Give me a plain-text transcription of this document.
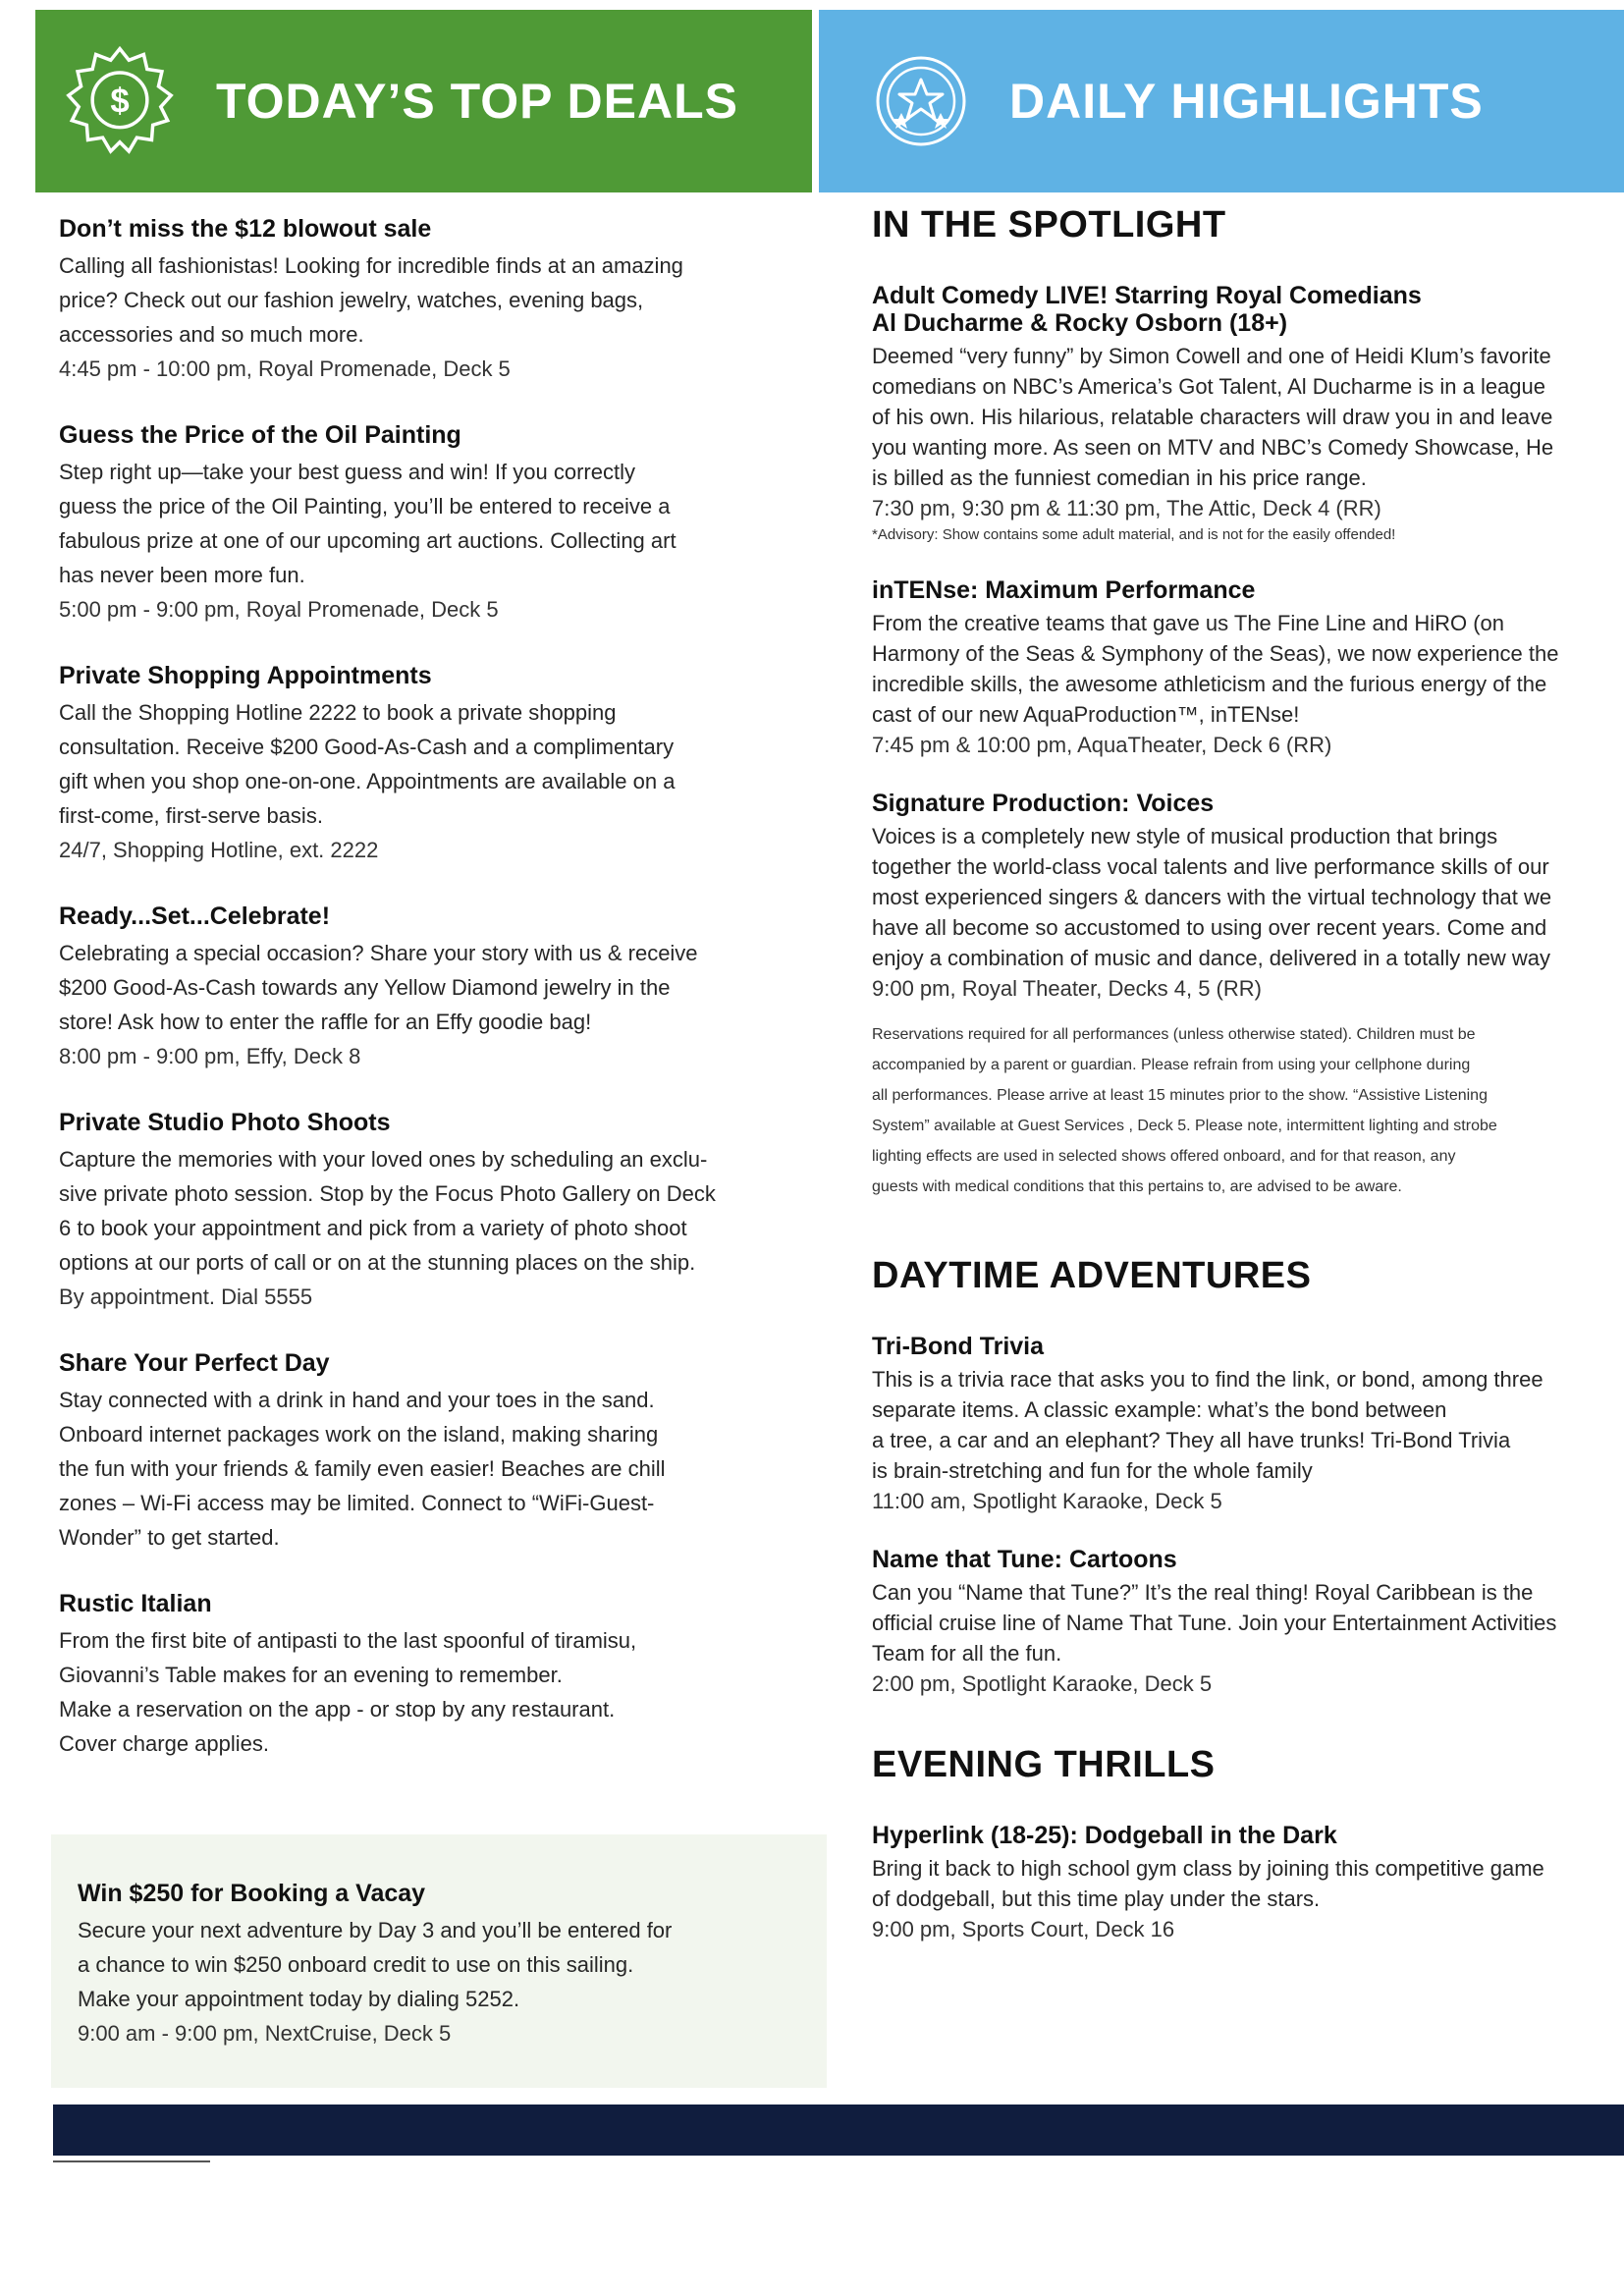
$ TODAY’S TOP DEALS	DAILY HIGHLIGHTS
Don’t miss the $12 blowout sale
Calling all fashionistas! Looking for incredible finds at an amazing
price? Check out our fashion jewelry, watches, evening bags,
accessories and so much more.
4:45 pm - 10:00 pm, Royal Promenade, Deck 5
Guess the Price of the Oil Painting
Step right up—take your best guess and win! If you correctly
guess the price of the Oil Painting, you’ll be entered to receive a
fabulous prize at one of our upcoming art auctions. Collecting art
has never been more fun.
5:00 pm - 9:00 pm, Royal Promenade, Deck 5
Private Shopping Appointments
Call the Shopping Hotline 2222 to book a private shopping
consultation. Receive $200 Good-As-Cash and a complimentary
gift when you shop one-on-one. Appointments are available on a
first-come, first-serve basis.
24/7, Shopping Hotline, ext. 2222
Ready...Set...Celebrate!
Celebrating a special occasion? Share your story with us & receive
$200 Good-As-Cash towards any Yellow Diamond jewelry in the
store! Ask how to enter the raffle for an Effy goodie bag!
8:00 pm - 9:00 pm, Effy, Deck 8
Private Studio Photo Shoots
Capture the memories with your loved ones by scheduling an exclu-
sive private photo session. Stop by the Focus Photo Gallery on Deck
6 to book your appointment and pick from a variety of photo shoot
options at our ports of call or on at the stunning places on the ship.
By appointment. Dial 5555
Share Your Perfect Day
Stay connected with a drink in hand and your toes in the sand.
Onboard internet packages work on the island, making sharing
the fun with your friends & family even easier! Beaches are chill
zones – Wi-Fi access may be limited. Connect to “WiFi-Guest-
Wonder” to get started.
Rustic Italian
From the first bite of antipasti to the last spoonful of tiramisu,
Giovanni’s Table makes for an evening to remember.
Make a reservation on the app - or stop by any restaurant.
Cover charge applies.
Win $250 for Booking a Vacay
Secure your next adventure by Day 3 and you’ll be entered for
a chance to win $250 onboard credit to use on this sailing.
Make your appointment today by dialing 5252.
9:00 am - 9:00 pm, NextCruise, Deck 5
IN THE SPOTLIGHT
Adult Comedy LIVE! Starring Royal Comedians
Al Ducharme & Rocky Osborn (18+)
Deemed “very funny” by Simon Cowell and one of Heidi Klum’s favorite
comedians on NBC’s America’s Got Talent, Al Ducharme is in a league
of his own. His hilarious, relatable characters will draw you in and leave
you wanting more. As seen on MTV and NBC’s Comedy Showcase, He
is billed as the funniest comedian in his price range.
7:30 pm, 9:30 pm & 11:30 pm, The Attic, Deck 4 (RR)
*Advisory: Show contains some adult material, and is not for the easily offended!
inTENse: Maximum Performance
From the creative teams that gave us The Fine Line and HiRO (on
Harmony of the Seas & Symphony of the Seas), we now experience the
incredible skills, the awesome athleticism and the furious energy of the
cast of our new AquaProduction™, inTENse!
7:45 pm & 10:00 pm, AquaTheater, Deck 6 (RR)
Signature Production: Voices
Voices is a completely new style of musical production that brings
together the world-class vocal talents and live performance skills of our
most experienced singers & dancers with the virtual technology that we
have all become so accustomed to using over recent years. Come and
enjoy a combination of music and dance, delivered in a totally new way
9:00 pm, Royal Theater, Decks 4, 5 (RR)
Reservations required for all performances (unless otherwise stated). Children must be
accompanied by a parent or guardian. Please refrain from using your cellphone during
all performances. Please arrive at least 15 minutes prior to the show. “Assistive Listening
System” available at Guest Services , Deck 5. Please note, intermittent lighting and strobe
lighting effects are used in selected shows offered onboard, and for that reason, any
guests with medical conditions that this pertains to, are advised to be aware.
DAYTIME ADVENTURES
Tri-Bond Trivia
This is a trivia race that asks you to find the link, or bond, among three
separate items. A classic example: what’s the bond between
a tree, a car and an elephant? They all have trunks! Tri-Bond Trivia
is brain-stretching and fun for the whole family
11:00 am, Spotlight Karaoke, Deck 5
Name that Tune: Cartoons
Can you “Name that Tune?” It’s the real thing! Royal Caribbean is the
official cruise line of Name That Tune. Join your Entertainment Activities
Team for all the fun.
2:00 pm, Spotlight Karaoke, Deck 5
EVENING THRILLS
Hyperlink (18-25): Dodgeball in the Dark
Bring it back to high school gym class by joining this competitive game
of dodgeball, but this time play under the stars.
9:00 pm, Sports Court, Deck 16
